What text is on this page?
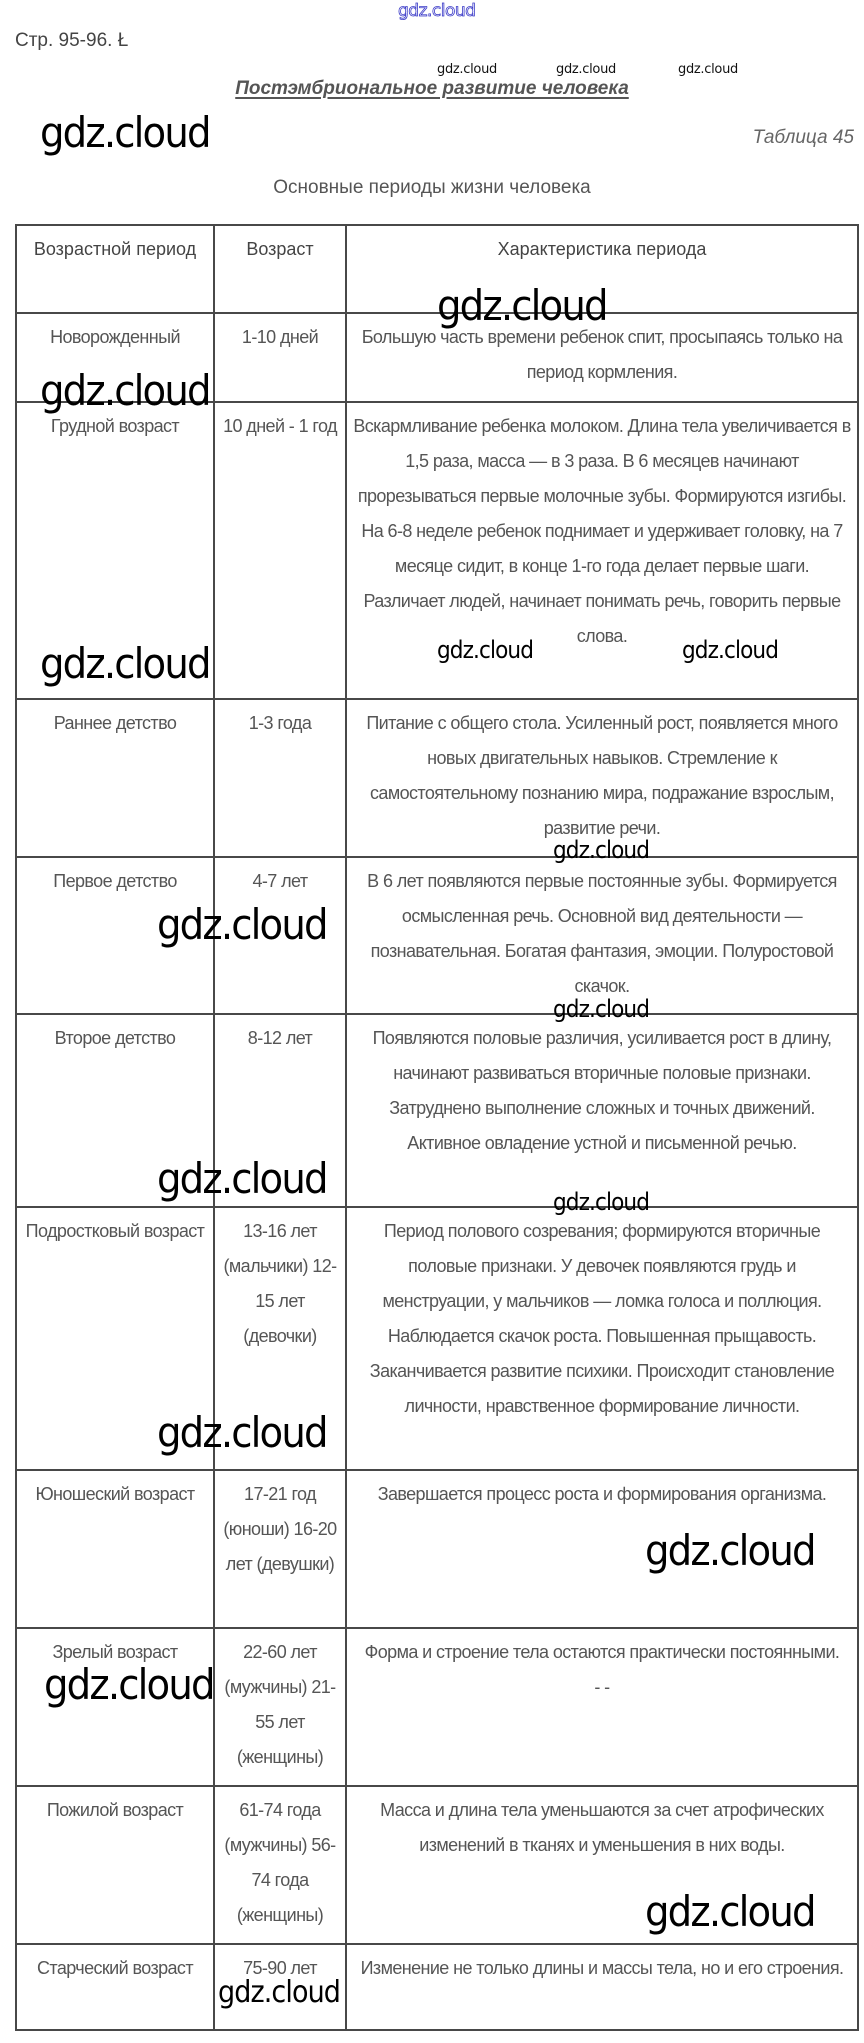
gdz.cloud
Стр. 95-96. Ł
gdz.cloud	gdz.cloud	gdz.cloud
Постэмбриональное развитие человека
gdz.cloud	Таблица 45
Основные периоды жизни человека
Возрастной период	Возраст	Характеристика периода
Новорожденный	1-10 дней	Большую часть времени ребенок спит, просыпаясь только на период кормления.
Грудной возраст	10 дней - 1 год	Вскармливание ребенка молоком. Длина тела увеличивается в 1,5 раза, масса — в 3 раза. В 6 месяцев начинают прорезываться первые молочные зубы. Формируются изгибы. На 6-8 неделе ребенок поднимает и удерживает головку, на 7 месяце сидит, в конце 1-го года делает первые шаги. Различает людей, начинает понимать речь, говорить первые слова.
Раннее детство	1-3 года	Питание с общего стола. Усиленный рост, появляется много новых двигательных навыков. Стремление к самостоятельному познанию мира, подражание взрослым, развитие речи.
Первое детство	4-7 лет	В 6 лет появляются первые постоянные зубы. Формируется осмысленная речь. Основной вид деятельности — познавательная. Богатая фантазия, эмоции. Полуростовой скачок.
Второе детство	8-12 лет	Появляются половые различия, усиливается рост в длину, начинают развиваться вторичные половые признаки. Затруднено выполнение сложных и точных движений. Активное овладение устной и письменной речью.
Подростковый возраст	13-16 лет (мальчики) 12-15 лет (девочки)	Период полового созревания; формируются вторичные половые признаки. У девочек появляются грудь и менструации, у мальчиков — ломка голоса и поллюция. Наблюдается скачок роста. Повышенная прыщавость. Заканчивается развитие психики. Происходит становление личности, нравственное формирование личности.
Юношеский возраст	17-21 год (юноши) 16-20 лет (девушки)	Завершается процесс роста и формирования организма.
Зрелый возраст	22-60 лет (мужчины) 21-55 лет (женщины)	Форма и строение тела остаются практически постоянными.
- -

Пожилой возраст	61-74 года (мужчины) 56-74 года (женщины)	Масса и длина тела уменьшаются за счет атрофических изменений в тканях и уменьшения в них воды.
Старческий возраст	75-90 лет	Изменение не только длины и массы тела, но и его строения.
gdz.cloud
gdz.cloud
gdz.cloud	gdz.cloud	gdz.cloud
gdz.cloud
gdz.cloud
gdz.cloud
gdz.cloud	gdz.cloud
gdz.cloud
gdz.cloud
gdz.cloud
gdz.cloud
gdz.cloud
